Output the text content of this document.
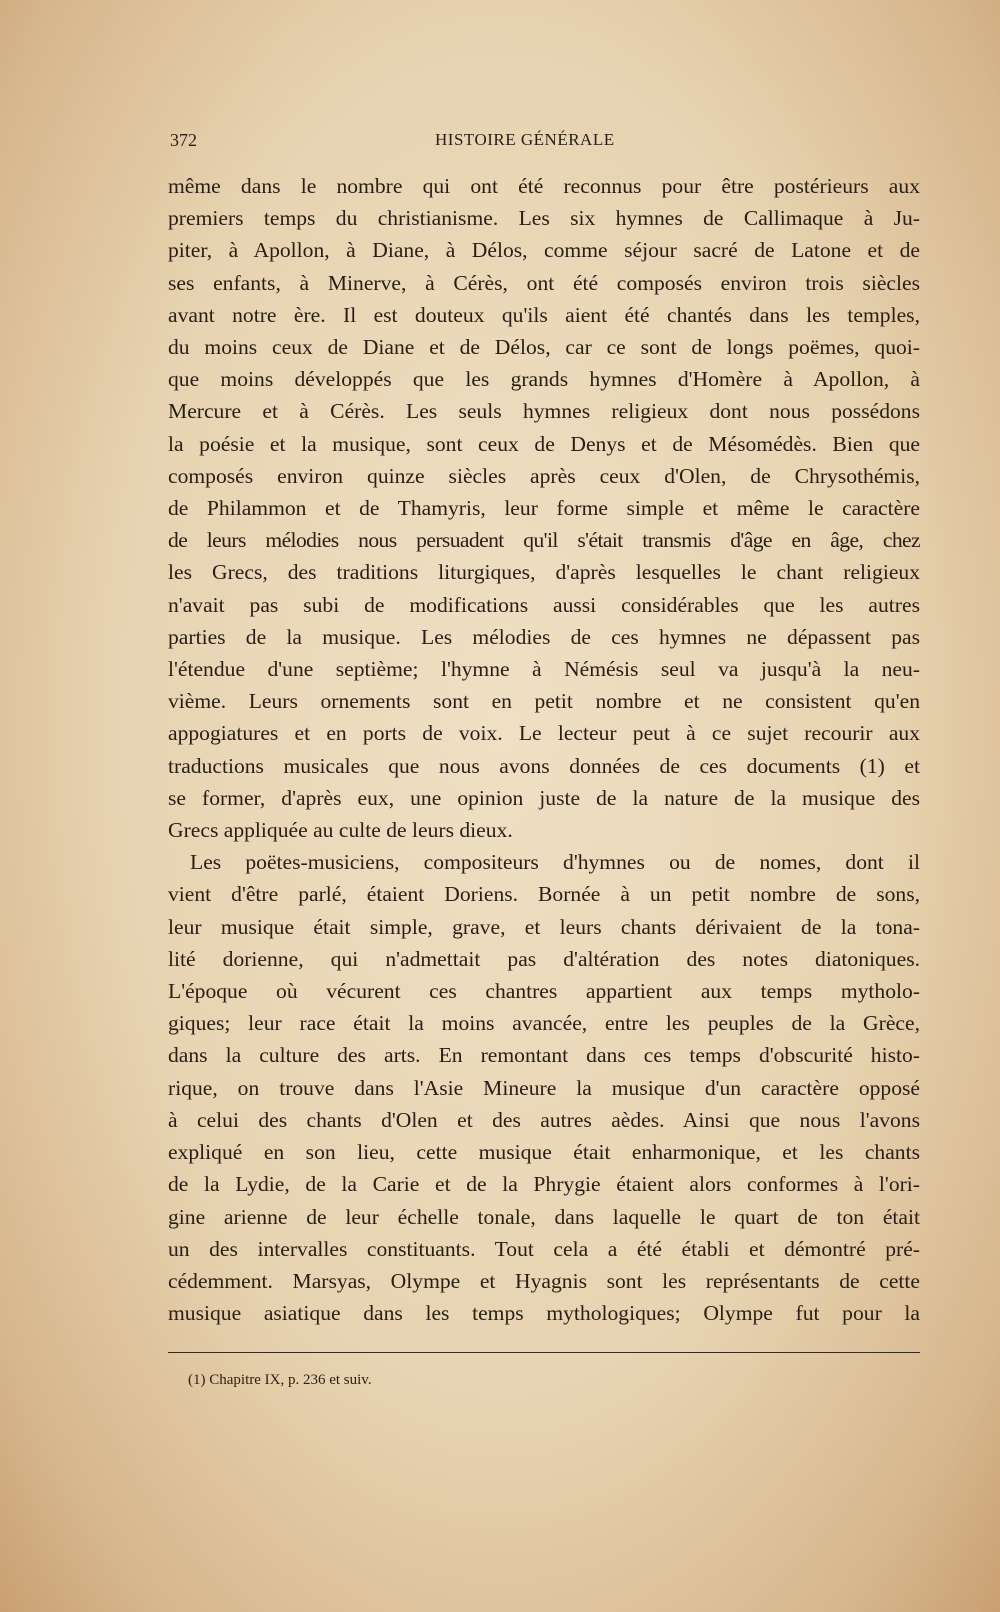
372	HISTOIRE GÉNÉRALE
même dans le nombre qui ont été reconnus pour être postérieurs aux
premiers temps du christianisme. Les six hymnes de Callimaque à Ju-
piter, à Apollon, à Diane, à Délos, comme séjour sacré de Latone et de
ses enfants, à Minerve, à Cérès, ont été composés environ trois siècles
avant notre ère. Il est douteux qu'ils aient été chantés dans les temples,
du moins ceux de Diane et de Délos, car ce sont de longs poëmes, quoi-
que moins développés que les grands hymnes d'Homère à Apollon, à
Mercure et à Cérès. Les seuls hymnes religieux dont nous possédons
la poésie et la musique, sont ceux de Denys et de Mésomédès. Bien que
composés environ quinze siècles après ceux d'Olen, de Chrysothémis,
de Philammon et de Thamyris, leur forme simple et même le caractère
de leurs mélodies nous persuadent qu'il s'était transmis d'âge en âge, chez
les Grecs, des traditions liturgiques, d'après lesquelles le chant religieux
n'avait pas subi de modifications aussi considérables que les autres
parties de la musique. Les mélodies de ces hymnes ne dépassent pas
l'étendue d'une septième; l'hymne à Némésis seul va jusqu'à la neu-
vième. Leurs ornements sont en petit nombre et ne consistent qu'en
appogiatures et en ports de voix. Le lecteur peut à ce sujet recourir aux
traductions musicales que nous avons données de ces documents (1) et
se former, d'après eux, une opinion juste de la nature de la musique des
Grecs appliquée au culte de leurs dieux.
Les poëtes-musiciens, compositeurs d'hymnes ou de nomes, dont il
vient d'être parlé, étaient Doriens. Bornée à un petit nombre de sons,
leur musique était simple, grave, et leurs chants dérivaient de la tona-
lité dorienne, qui n'admettait pas d'altération des notes diatoniques.
L'époque où vécurent ces chantres appartient aux temps mytholo-
giques; leur race était la moins avancée, entre les peuples de la Grèce,
dans la culture des arts. En remontant dans ces temps d'obscurité histo-
rique, on trouve dans l'Asie Mineure la musique d'un caractère opposé
à celui des chants d'Olen et des autres aèdes. Ainsi que nous l'avons
expliqué en son lieu, cette musique était enharmonique, et les chants
de la Lydie, de la Carie et de la Phrygie étaient alors conformes à l'ori-
gine arienne de leur échelle tonale, dans laquelle le quart de ton était
un des intervalles constituants. Tout cela a été établi et démontré pré-
cédemment. Marsyas, Olympe et Hyagnis sont les représentants de cette
musique asiatique dans les temps mythologiques; Olympe fut pour la
(1) Chapitre IX, p. 236 et suiv.
